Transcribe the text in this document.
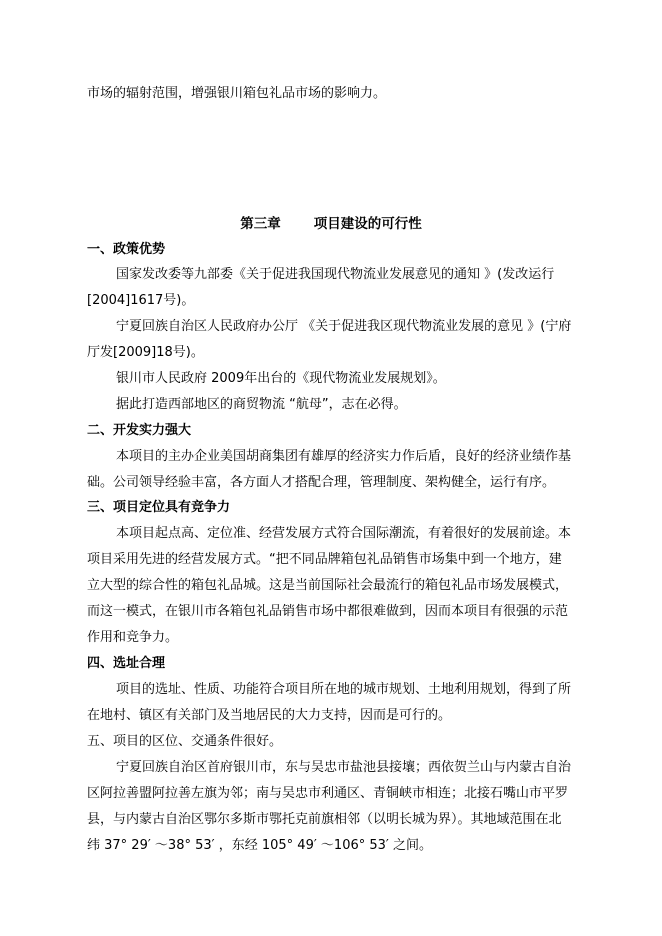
市场的辐射范围，增强银川箱包礼品市场的影响力。
第三章 项目建设的可行性
一、政策优势
国家发改委等九部委《关于促进我国现代物流业发展意见的通知 》(发改运行
[2004]1617号)。
宁夏回族自治区人民政府办公厅 《关于促进我区现代物流业发展的意见 》(宁府
厅发[2009]18号)。
银川市人民政府 2009年出台的《现代物流业发展规划》。
据此打造西部地区的商贸物流 “航母”，志在必得。
二、开发实力强大
本项目的主办企业美国胡商集团有雄厚的经济实力作后盾，良好的经济业绩作基
础。公司领导经验丰富，各方面人才搭配合理，管理制度、架构健全，运行有序。
三、项目定位具有竞争力
本项目起点高、定位准、经营发展方式符合国际潮流，有着很好的发展前途。本
项目采用先进的经营发展方式。“把不同品牌箱包礼品销售市场集中到一个地方，建
立大型的综合性的箱包礼品城。这是当前国际社会最流行的箱包礼品市场发展模式，
而这一模式，在银川市各箱包礼品销售市场中都很难做到，因而本项目有很强的示范
作用和竞争力。
四、选址合理
项目的选址、性质、功能符合项目所在地的城市规划、土地利用规划，得到了所
在地村、镇区有关部门及当地居民的大力支持，因而是可行的。
五、项目的区位、交通条件很好。
宁夏回族自治区首府银川市，东与吴忠市盐池县接壤；西依贺兰山与内蒙古自治
区阿拉善盟阿拉善左旗为邻；南与吴忠市利通区、青铜峡市相连；北接石嘴山市平罗
县，与内蒙古自治区鄂尔多斯市鄂托克前旗相邻（以明长城为界）。其地域范围在北
纬 37° 29′ ～38° 53′ ，东经 105° 49′ ～106° 53′ 之间。
